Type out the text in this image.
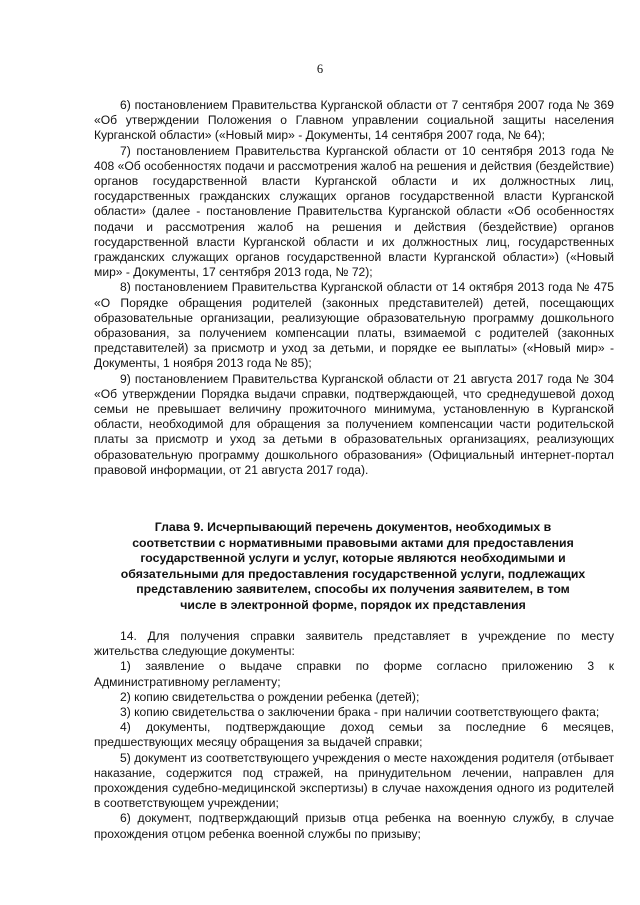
6

6) постановлением Правительства Курганской области от 7 сентября 2007 года № 369 «Об утверждении Положения о Главном управлении социальной защиты населения Курганской области» («Новый мир» - Документы, 14 сентября 2007 года, № 64);

7) постановлением Правительства Курганской области от 10 сентября 2013 года № 408 «Об особенностях подачи и рассмотрения жалоб на решения и действия (бездействие) органов государственной власти Курганской области и их должностных лиц, государственных гражданских служащих органов государственной власти Курганской области» (далее - постановление Правительства Курганской области «Об особенностях подачи и рассмотрения жалоб на решения и действия (бездействие) органов государственной власти Курганской области и их должностных лиц, государственных гражданских служащих органов государственной власти Курганской области») («Новый мир» - Документы, 17 сентября 2013 года, № 72);

8) постановлением Правительства Курганской области от 14 октября 2013 года № 475 «О Порядке обращения родителей (законных представителей) детей, посещающих образовательные организации, реализующие образовательную программу дошкольного образования, за получением компенсации платы, взимаемой с родителей (законных представителей) за присмотр и уход за детьми, и порядке ее выплаты» («Новый мир» - Документы, 1 ноября 2013 года № 85);

9) постановлением Правительства Курганской области от 21 августа 2017 года № 304 «Об утверждении Порядка выдачи справки, подтверждающей, что среднедушевой доход семьи не превышает величину прожиточного минимума, установленную в Курганской области, необходимой для обращения за получением компенсации части родительской платы за присмотр и уход за детьми в образовательных организациях, реализующих образовательную программу дошкольного образования» (Официальный интернет-портал правовой информации, от 21 августа 2017 года).

Глава 9. Исчерпывающий перечень документов, необходимых в соответствии с нормативными правовыми актами для предоставления государственной услуги и услуг, которые являются необходимыми и обязательными для предоставления государственной услуги, подлежащих представлению заявителем, способы их получения заявителем, в том числе в электронной форме, порядок их представления

14. Для получения справки заявитель представляет в учреждение по месту жительства следующие документы:

1) заявление о выдаче справки по форме согласно приложению 3 к Административному регламенту;

2) копию свидетельства о рождении ребенка (детей);

3) копию свидетельства о заключении брака - при наличии соответствующего факта;

4) документы, подтверждающие доход семьи за последние 6 месяцев, предшествующих месяцу обращения за выдачей справки;

5) документ из соответствующего учреждения о месте нахождения родителя (отбывает наказание, содержится под стражей, на принудительном лечении, направлен для прохождения судебно-медицинской экспертизы) в случае нахождения одного из родителей в соответствующем учреждении;

6) документ, подтверждающий призыв отца ребенка на военную службу, в случае прохождения отцом ребенка военной службы по призыву;
